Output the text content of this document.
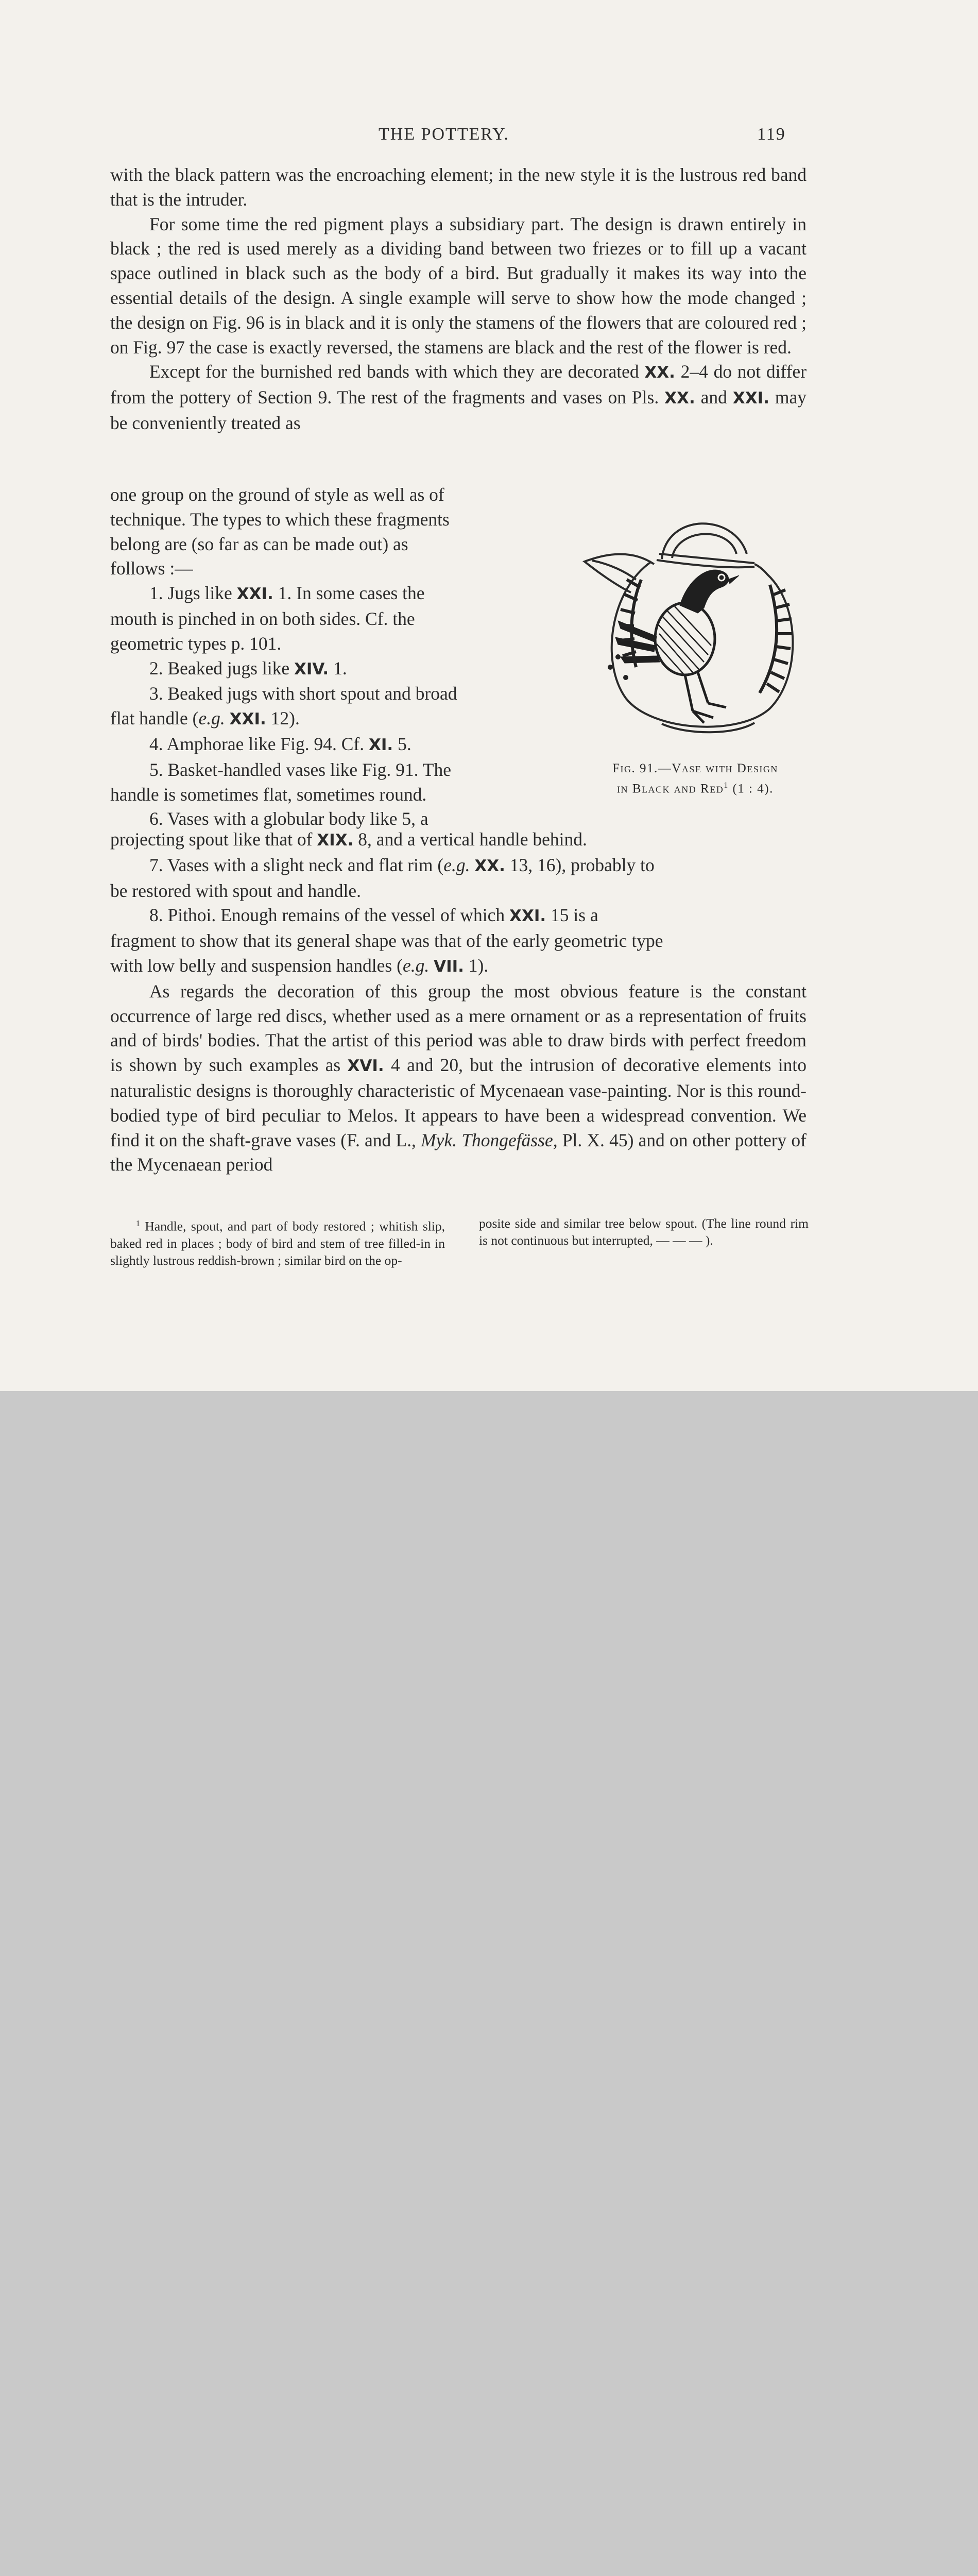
THE POTTERY.	119

with the black pattern was the encroaching element; in the new style it is the lustrous red band that is the intruder.

For some time the red pigment plays a subsidiary part. The design is drawn entirely in black ; the red is used merely as a dividing band between two friezes or to fill up a vacant space outlined in black such as the body of a bird. But gradually it makes its way into the essential details of the design. A single example will serve to show how the mode changed ; the design on Fig. 96 is in black and it is only the stamens of the flowers that are coloured red ; on Fig. 97 the case is exactly reversed, the stamens are black and the rest of the flower is red.

Except for the burnished red bands with which they are decorated XX. 2–4 do not differ from the pottery of Section 9. The rest of the fragments and vases on Pls. XX. and XXI. may be conveniently treated as

one group on the ground of style as well as of

technique. The types to which these fragments

belong are (so far as can be made out) as

follows :—

1. Jugs like XXI. 1. In some cases the

mouth is pinched in on both sides. Cf. the

geometric types p. 101.

2. Beaked jugs like XIV. 1.

3. Beaked jugs with short spout and broad

flat handle (e.g. XXI. 12).

4. Amphorae like Fig. 94. Cf. XI. 5.

5. Basket-handled vases like Fig. 91. The

handle is sometimes flat, sometimes round.

6. Vases with a globular body like 5, a

Fig. 91.—Vase with Design
in Black and Red$^1$ (1 : 4).

projecting spout like that of XIX. 8, and a vertical handle behind.

7. Vases with a slight neck and flat rim (e.g. XX. 13, 16), probably to

be restored with spout and handle.

8. Pithoi. Enough remains of the vessel of which XXI. 15 is a

fragment to show that its general shape was that of the early geometric type

with low belly and suspension handles (e.g. VII. 1).

As regards the decoration of this group the most obvious feature is the constant occurrence of large red discs, whether used as a mere ornament or as a representation of fruits and of birds' bodies. That the artist of this period was able to draw birds with perfect freedom is shown by such examples as XVI. 4 and 20, but the intrusion of decorative elements into naturalistic designs is thoroughly characteristic of Mycenaean vase-painting. Nor is this round-bodied type of bird peculiar to Melos. It appears to have been a widespread convention. We find it on the shaft-grave vases (F. and L., Myk. Thongefässe, Pl. X. 45) and on other pottery of the Mycenaean period

$^1$ Handle, spout, and part of body restored ; whitish slip, baked red in places ; body of bird and stem of tree filled-in in slightly lustrous reddish-brown ; similar bird on the op-
posite side and similar tree below spout. (The line round rim is not continuous but interrupted, — — — ).
